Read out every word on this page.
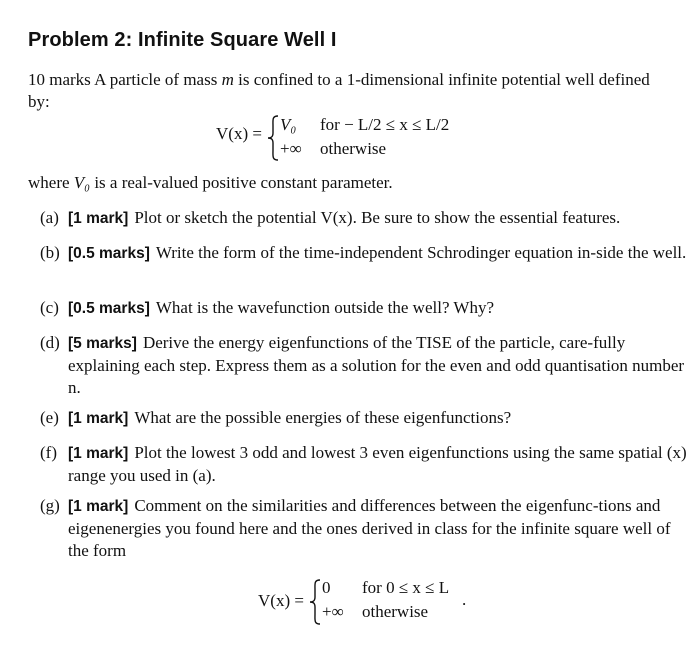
Problem 2: Infinite Square Well I
10 marks A particle of mass m is confined to a 1-dimensional infinite potential well defined by:
V(x) = V₀ for − L/2 ≤ x ≤ L/2
+∞ otherwise
where V₀ is a real-valued positive constant parameter.
(a) [1 mark] Plot or sketch the potential V(x). Be sure to show the essential features.
(b) [0.5 marks] Write the form of the time-independent Schrodinger equation in-side the well.
(c) [0.5 marks] What is the wavefunction outside the well? Why?
(d) [5 marks] Derive the energy eigenfunctions of the TISE of the particle, care-fully explaining each step. Express them as a solution for the even and odd quantisation number n.
(e) [1 mark] What are the possible energies of these eigenfunctions?
(f) [1 mark] Plot the lowest 3 odd and lowest 3 even eigenfunctions using the same spatial (x) range you used in (a).
(g) [1 mark] Comment on the similarities and differences between the eigenfunc-tions and eigenenergies you found here and the ones derived in class for the infinite square well of the form
V(x) =
0 for 0 ≤ x ≤ L
.
+∞ otherwise
